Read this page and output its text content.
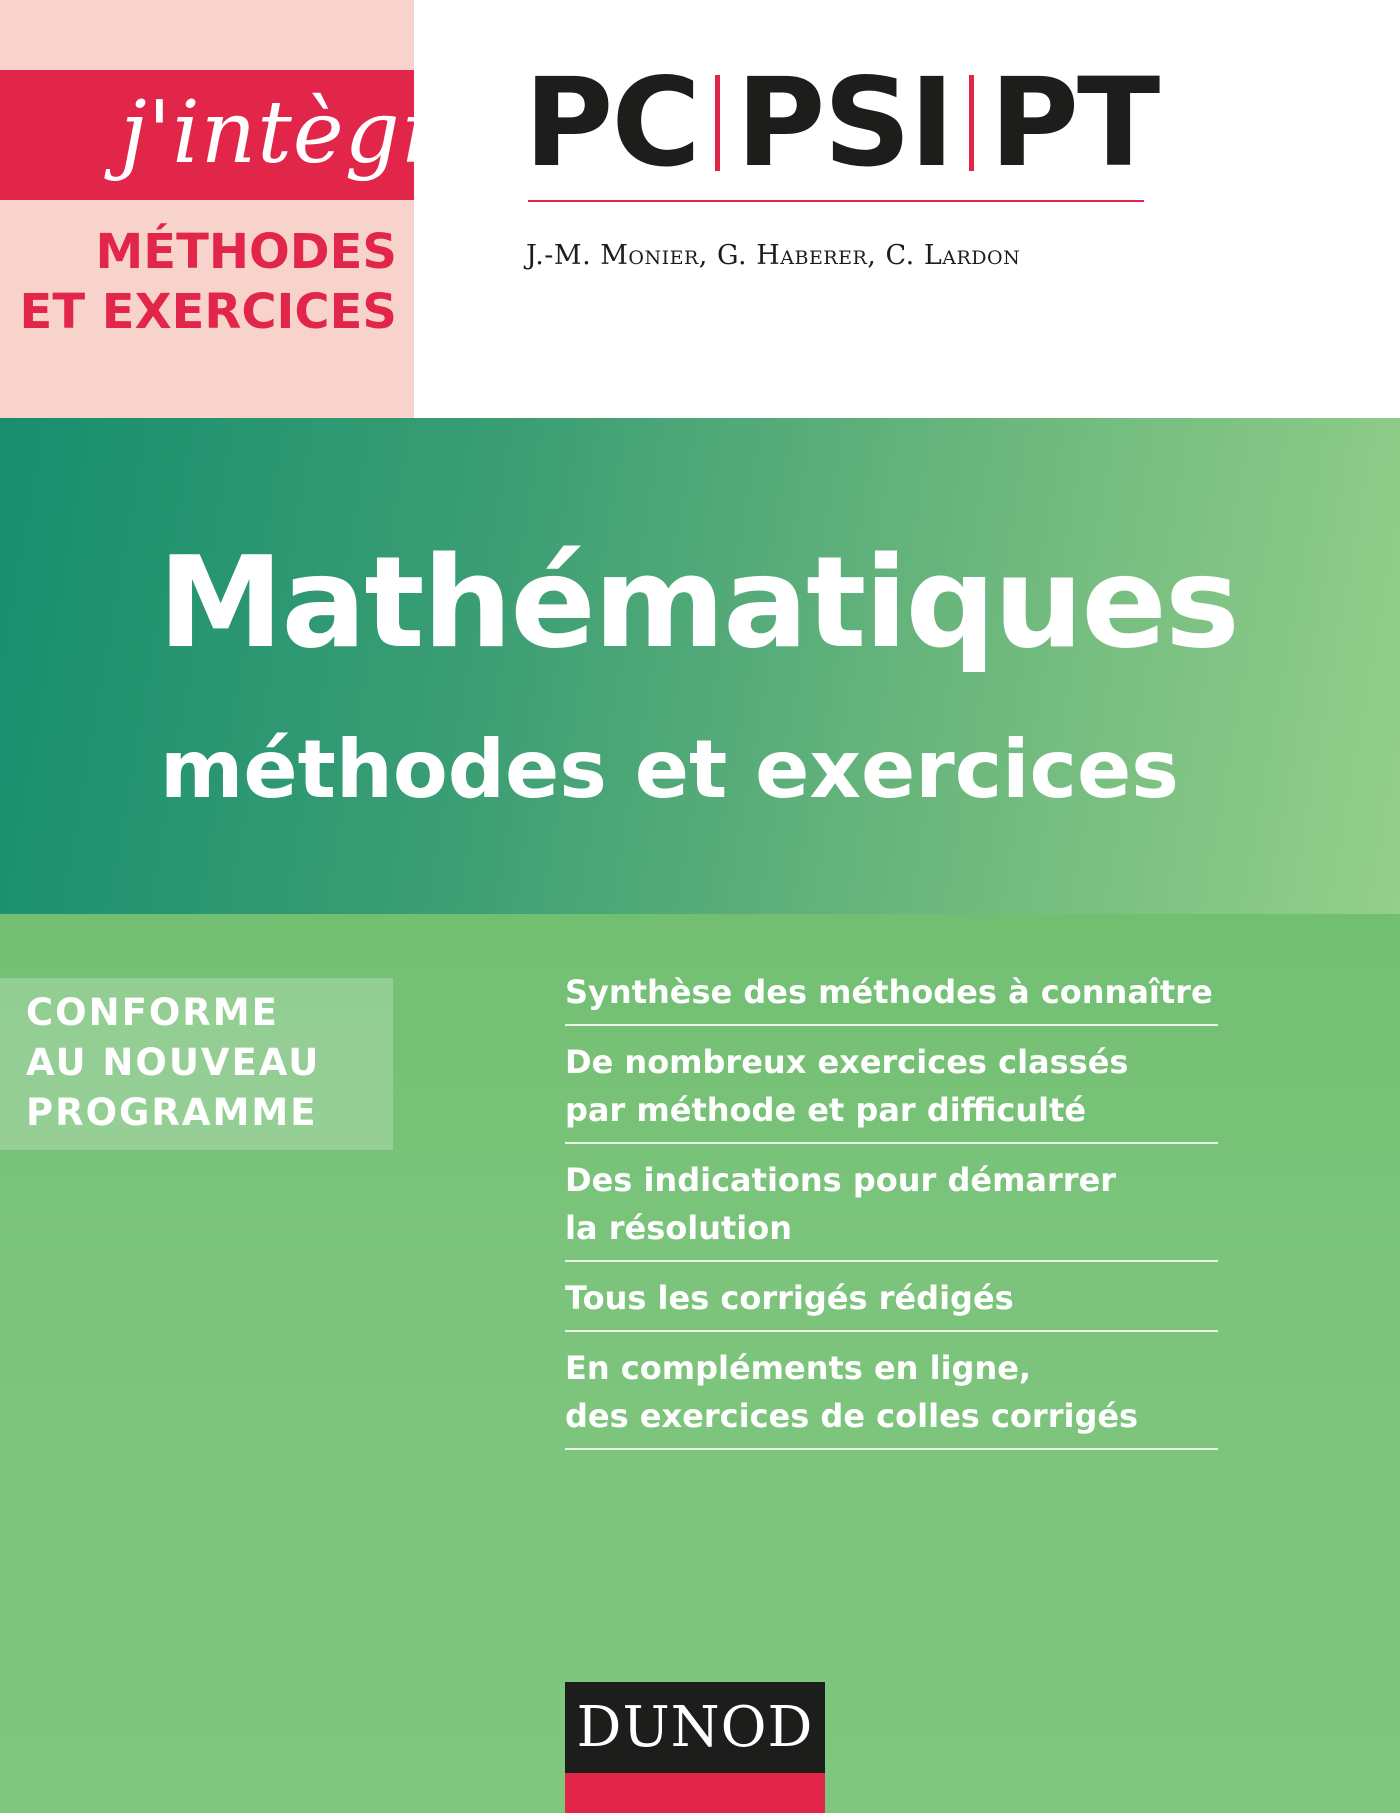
j'intègre
MÉTHODES
ET EXERCICES
PC PSI PT
J.-M. Monier, G. Haberer, C. Lardon
Mathématiques
méthodes et exercices
CONFORME
AU NOUVEAU
PROGRAMME
Synthèse des méthodes à connaître
De nombreux exercices classés
par méthode et par difficulté
Des indications pour démarrer
la résolution
Tous les corrigés rédigés
En compléments en ligne,
des exercices de colles corrigés
DUNOD
